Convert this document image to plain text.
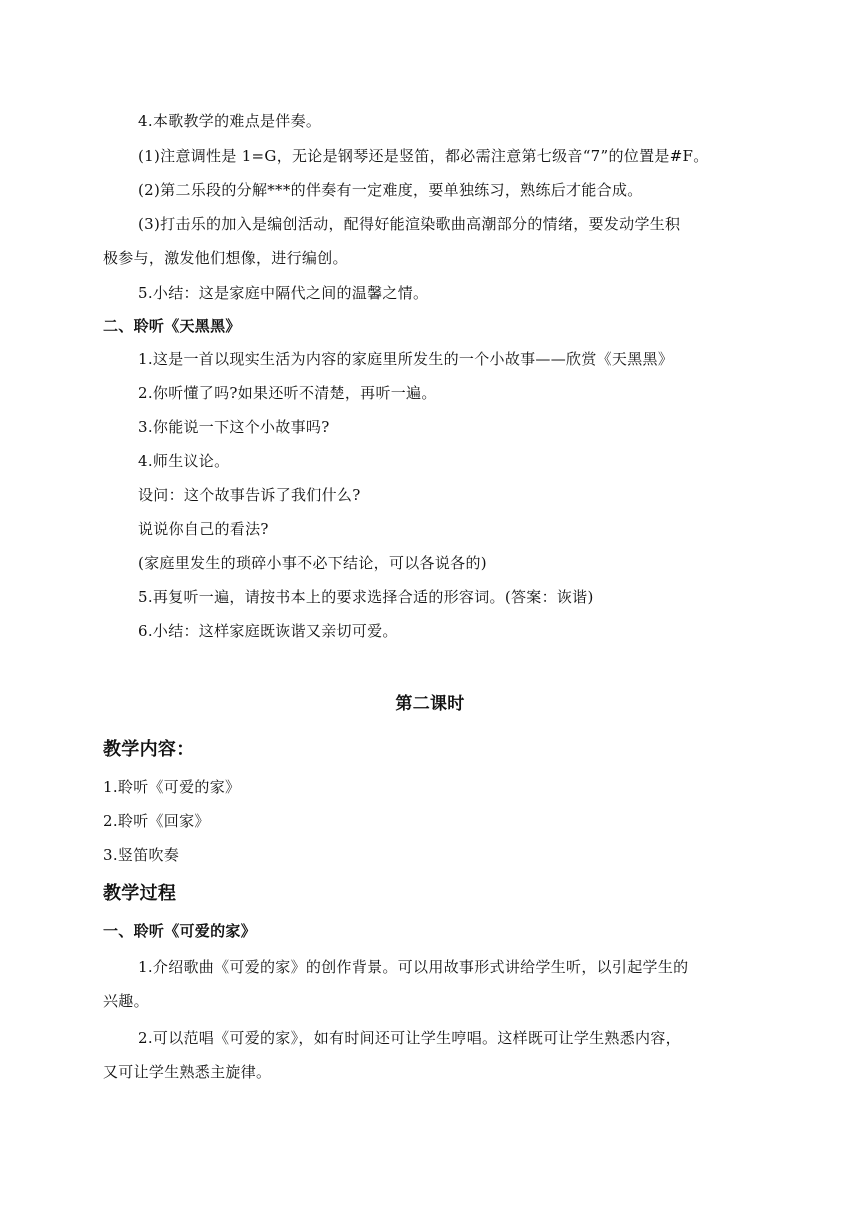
4.本歌教学的难点是伴奏。

(1)注意调性是 1=G，无论是钢琴还是竖笛，都必需注意第七级音“7”的位置是#F。

(2)第二乐段的分解***的伴奏有一定难度，要单独练习，熟练后才能合成。

(3)打击乐的加入是编创活动，配得好能渲染歌曲高潮部分的情绪，要发动学生积

极参与，激发他们想像，进行编创。

5.小结：这是家庭中隔代之间的温馨之情。

二、聆听《天黑黑》

1.这是一首以现实生活为内容的家庭里所发生的一个小故事——欣赏《天黑黑》

2.你听懂了吗?如果还听不清楚，再听一遍。

3.你能说一下这个小故事吗?

4.师生议论。

设问：这个故事告诉了我们什么?

说说你自己的看法?

(家庭里发生的琐碎小事不必下结论，可以各说各的)

5.再复听一遍，请按书本上的要求选择合适的形容词。(答案：诙谐)

6.小结：这样家庭既诙谐又亲切可爱。

第二课时

教学内容：

1.聆听《可爱的家》

2.聆听《回家》

3.竖笛吹奏

教学过程

一、聆听《可爱的家》

1.介绍歌曲《可爱的家》的创作背景。可以用故事形式讲给学生听，以引起学生的

兴趣。

2.可以范唱《可爱的家》，如有时间还可让学生哼唱。这样既可让学生熟悉内容，

又可让学生熟悉主旋律。
